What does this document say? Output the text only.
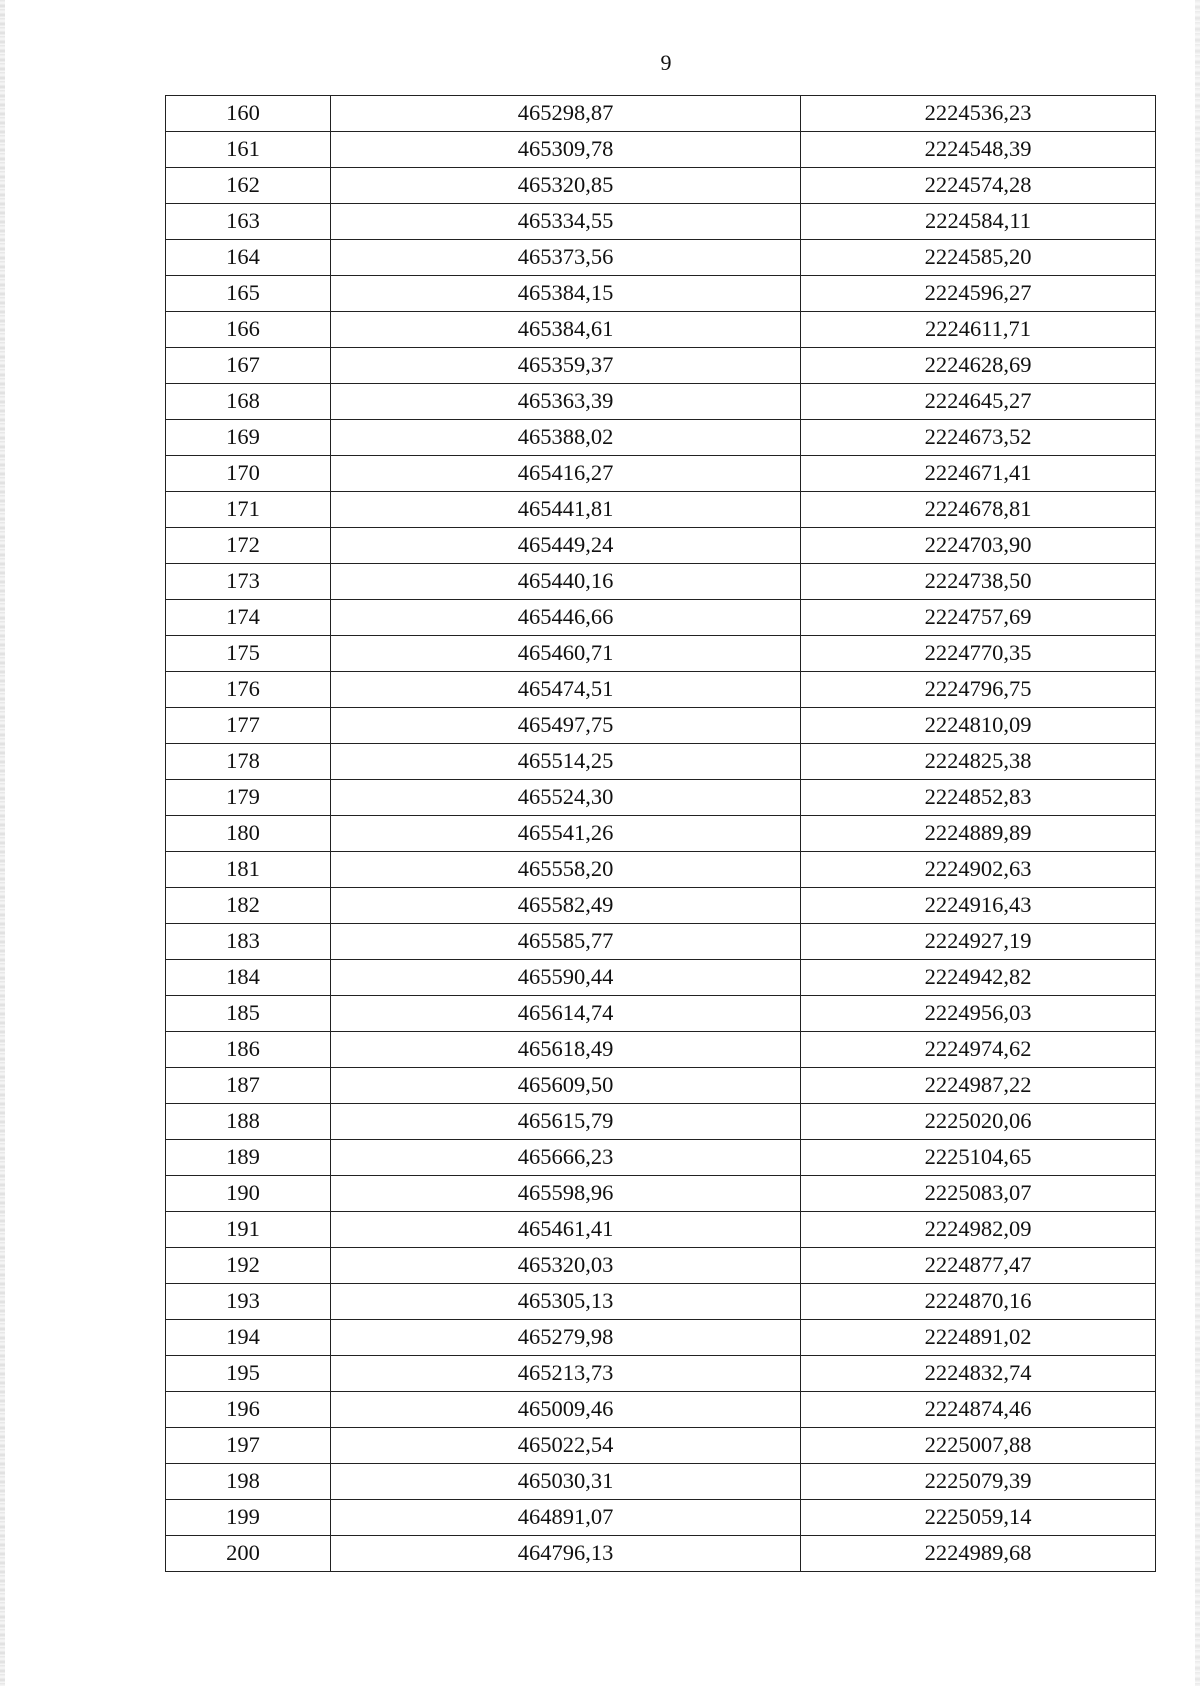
9
160	465298,87	2224536,23
161	465309,78	2224548,39
162	465320,85	2224574,28
163	465334,55	2224584,11
164	465373,56	2224585,20
165	465384,15	2224596,27
166	465384,61	2224611,71
167	465359,37	2224628,69
168	465363,39	2224645,27
169	465388,02	2224673,52
170	465416,27	2224671,41
171	465441,81	2224678,81
172	465449,24	2224703,90
173	465440,16	2224738,50
174	465446,66	2224757,69
175	465460,71	2224770,35
176	465474,51	2224796,75
177	465497,75	2224810,09
178	465514,25	2224825,38
179	465524,30	2224852,83
180	465541,26	2224889,89
181	465558,20	2224902,63
182	465582,49	2224916,43
183	465585,77	2224927,19
184	465590,44	2224942,82
185	465614,74	2224956,03
186	465618,49	2224974,62
187	465609,50	2224987,22
188	465615,79	2225020,06
189	465666,23	2225104,65
190	465598,96	2225083,07
191	465461,41	2224982,09
192	465320,03	2224877,47
193	465305,13	2224870,16
194	465279,98	2224891,02
195	465213,73	2224832,74
196	465009,46	2224874,46
197	465022,54	2225007,88
198	465030,31	2225079,39
199	464891,07	2225059,14
200	464796,13	2224989,68
